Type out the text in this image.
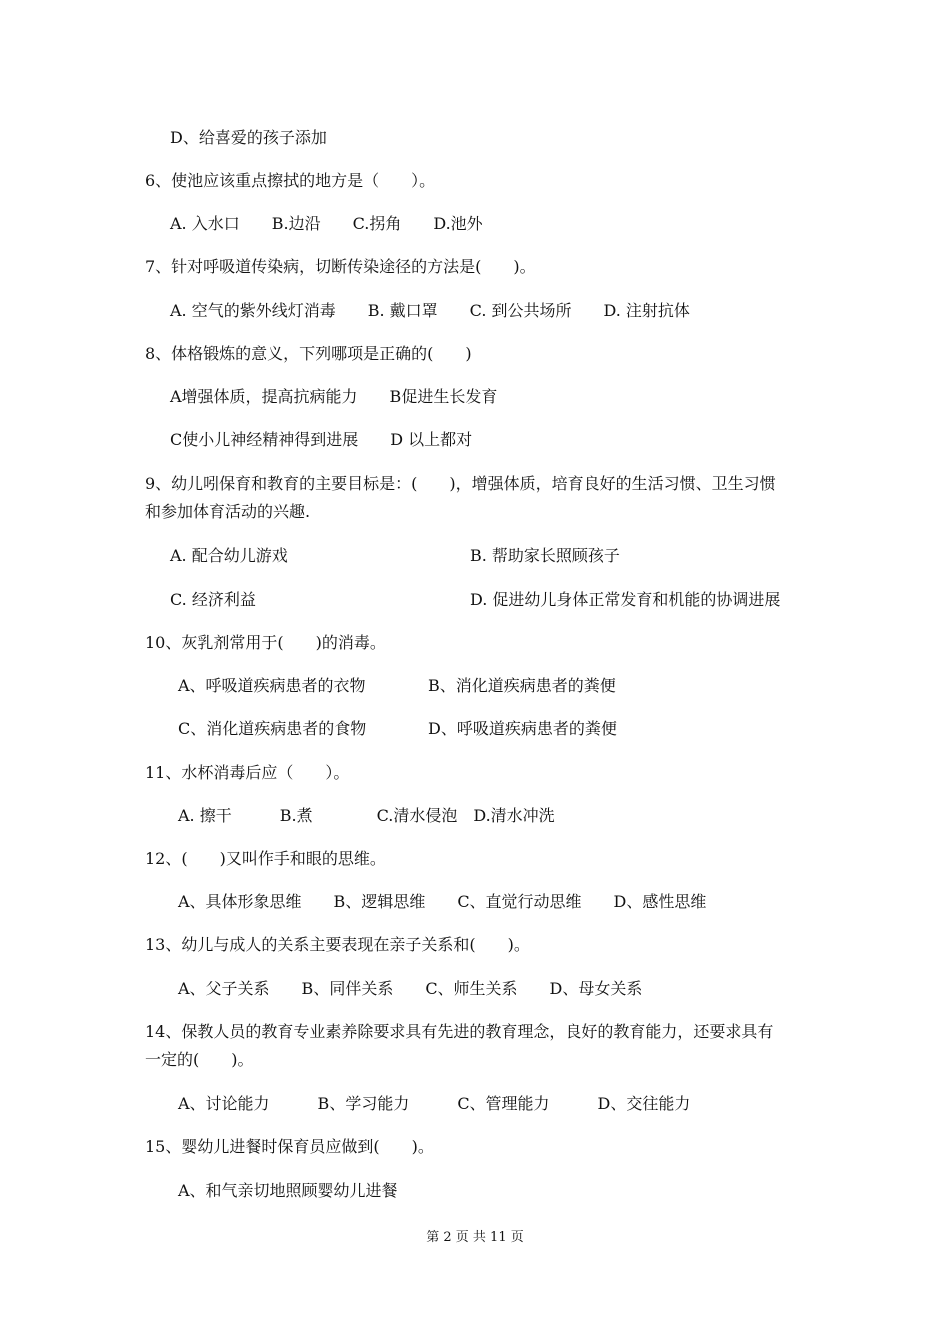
D、给喜爱的孩子添加
6、使池应该重点擦拭的地方是（　　）。
A. 入水口　　B.边沿　　C.拐角　　D.池外
7、针对呼吸道传染病，切断传染途径的方法是(　　)。
A. 空气的紫外线灯消毒　　B. 戴口罩　　C. 到公共场所　　D. 注射抗体
8、体格锻炼的意义，下列哪项是正确的(　　)
A增强体质，提高抗病能力　　B促进生长发育
C使小儿神经精神得到进展　　D 以上都对
9、幼儿吲保育和教育的主要目标是：(　　)，增强体质，培育良好的生活习惯、卫生习惯
和参加体育活动的兴趣.
A. 配合幼儿游戏	B. 帮助家长照顾孩子
C. 经济利益	D. 促进幼儿身体正常发育和机能的协调进展
10、灰乳剂常用于(　　)的消毒。
A、呼吸道疾病患者的衣物	B、消化道疾病患者的粪便
C、消化道疾病患者的食物	D、呼吸道疾病患者的粪便
11、水杯消毒后应（　　）。
A. 擦干　　　B.煮　　　　C.清水侵泡　D.清水冲洗
12、(　　)又叫作手和眼的思维。
A、具体形象思维　　B、逻辑思维　　C、直觉行动思维　　D、感性思维
13、幼儿与成人的关系主要表现在亲子关系和(　　)。
A、父子关系　　B、同伴关系　　C、师生关系　　D、母女关系
14、保教人员的教育专业素养除要求具有先进的教育理念，良好的教育能力，还要求具有
一定的(　　)。
A、讨论能力　　　B、学习能力　　　C、管理能力　　　D、交往能力
15、婴幼儿进餐时保育员应做到(　　)。
A、和气亲切地照顾婴幼儿进餐
第 2 页 共 11 页
